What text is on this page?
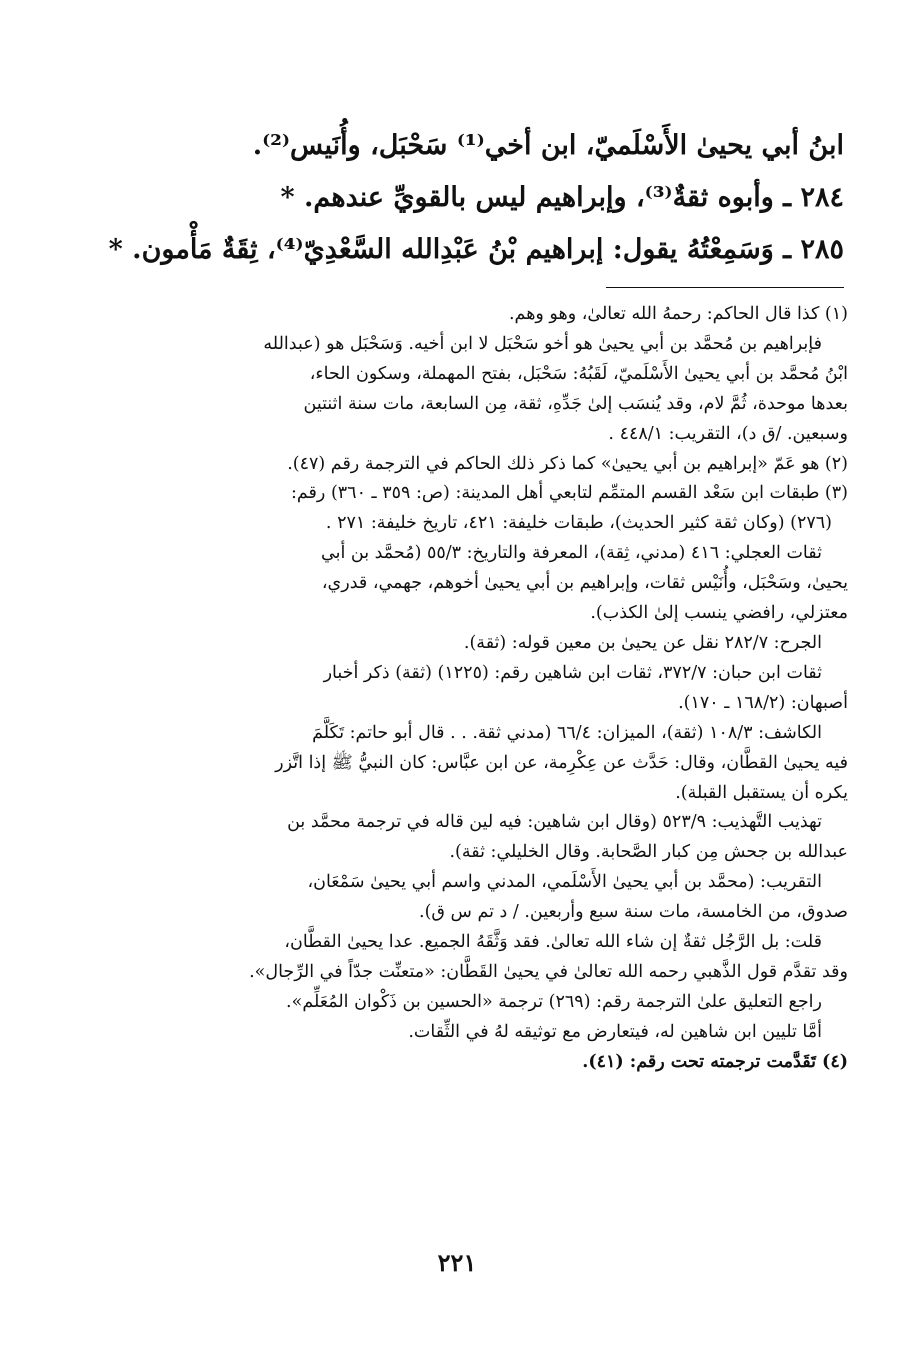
ابنُ أبي يحيىٰ الأَسْلَميّ، ابن أخي⁽¹⁾ سَحْبَل، وأُنَيس⁽²⁾.
٢٨٤ ـ وأبوه ثقةٌ⁽³⁾، وإبراهيم ليس بالقويِّ عندهم. *
٢٨٥ ـ وَسَمِعْتُهُ يقول: إبراهيم بْنُ عَبْدِالله السَّعْدِيّ⁽⁴⁾، ثِقَةٌ مَأْمون. *
(١) كذا قال الحاكم: رحمهُ الله تعالىٰ، وهو وهم.
فإبراهيم بن مُحمَّد بن أبي يحيىٰ هو أخو سَحْبَل لا ابن أخيه. وَسَحْبَل هو (عبدالله
ابْنُ مُحمَّد بن أبي يحيىٰ الأَسْلَميّ، لَقَبُهُ: سَحْبَل، بفتح المهملة، وسكون الحاء،
بعدها موحدة، ثُمَّ لام، وقد يُنسَب إلىٰ جَدِّهِ، ثقة، مِن السابعة، مات سنة اثنتين
وسبعين. /ق د)، التقريب: ٤٤٨/١ .
(٢) هو عَمّ «إبراهيم بن أبي يحيىٰ» كما ذكر ذلك الحاكم في الترجمة رقم (٤٧).
(٣) طبقات ابن سَعْد القسم المتمِّم لتابعي أهل المدينة: (ص: ٣٥٩ ـ ٣٦٠) رقم:
(٢٧٦) (وكان ثقة كثير الحديث)، طبقات خليفة: ٤٢١، تاريخ خليفة: ٢٧١ .
ثقات العجلي: ٤١٦ (مدني، ثِقة)، المعرفة والتاريخ: ٥٥/٣ (مُحمَّد بن أبي
يحيىٰ، وسَحْبَل، وأُنَيْس ثقات، وإبراهيم بن أبي يحيىٰ أخوهم، جهمي، قدري،
معتزلي، رافضي ينسب إلىٰ الكذب).
الجرح: ٢٨٢/٧ نقل عن يحيىٰ بن معين قوله: (ثقة).
ثقات ابن حبان: ٣٧٢/٧، ثقات ابن شاهين رقم: (١٢٢٥) (ثقة) ذكر أخبار
أصبهان: (١٦٨/٢ ـ ١٧٠).
الكاشف: ١٠٨/٣ (ثقة)، الميزان: ٦٦/٤ (مدني ثقة. . . قال أبو حاتم: تَكَلَّمَ
فيه يحيىٰ القطَّان، وقال: حَدَّث عن عِكْرِمة، عن ابن عبَّاس: كان النبيُّ ﷺ إذا اتَّزر
يكره أن يستقبل القبلة).
تهذيب التَّهذيب: ٥٢٣/٩ (وقال ابن شاهين: فيه لين قاله في ترجمة محمَّد بن
عبدالله بن جحش مِن كبار الصَّحابة. وقال الخليلي: ثقة).
التقريب: (محمَّد بن أبي يحيىٰ الأَسْلَمي، المدني واسم أبي يحيىٰ سَمْعَان،
صدوق، من الخامسة، مات سنة سبع وأربعين. / د تم س ق).
قلت: بل الرَّجُل ثقةٌ إن شاء الله تعالىٰ. فقد وَثَّقَهُ الجميع. عدا يحيىٰ القطَّان،
وقد تقدَّم قول الذَّهبي رحمه الله تعالىٰ في يحيىٰ القَطَّان: «متعنِّت جدّاً في الرِّجال».
راجع التعليق علىٰ الترجمة رقم: (٢٦٩) ترجمة «الحسين بن ذَكْوان المُعَلِّم».
أمَّا تليين ابن شاهين له، فيتعارض مع توثيقه لهُ في الثِّقات.
(٤) تَقَدَّمت ترجمته تحت رقم: (٤١).
٢٢١
